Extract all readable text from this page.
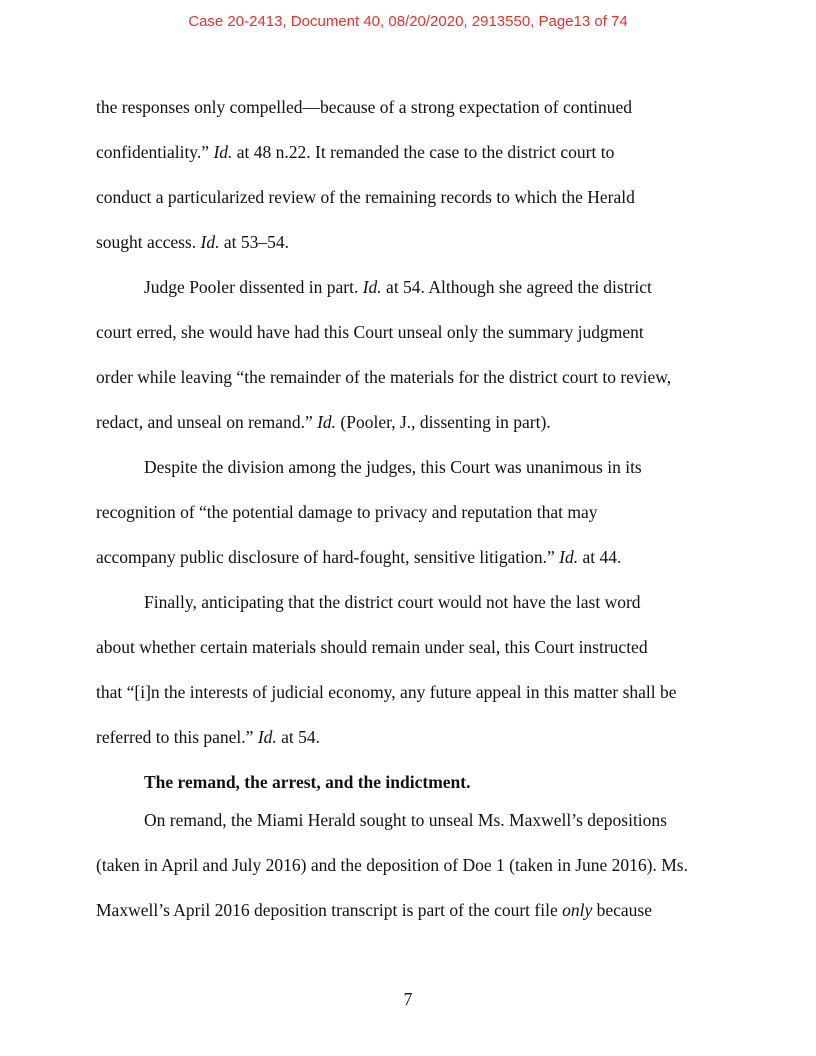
Case 20-2413, Document 40, 08/20/2020, 2913550, Page13 of 74
the responses only compelled—because of a strong expectation of continued
confidentiality.” Id. at 48 n.22. It remanded the case to the district court to
conduct a particularized review of the remaining records to which the Herald
sought access. Id. at 53–54.
Judge Pooler dissented in part. Id. at 54. Although she agreed the district
court erred, she would have had this Court unseal only the summary judgment
order while leaving “the remainder of the materials for the district court to review,
redact, and unseal on remand.” Id. (Pooler, J., dissenting in part).
Despite the division among the judges, this Court was unanimous in its
recognition of “the potential damage to privacy and reputation that may
accompany public disclosure of hard-fought, sensitive litigation.” Id. at 44.
Finally, anticipating that the district court would not have the last word
about whether certain materials should remain under seal, this Court instructed
that “[i]n the interests of judicial economy, any future appeal in this matter shall be
referred to this panel.” Id. at 54.
The remand, the arrest, and the indictment.
On remand, the Miami Herald sought to unseal Ms. Maxwell’s depositions
(taken in April and July 2016) and the deposition of Doe 1 (taken in June 2016). Ms.
Maxwell’s April 2016 deposition transcript is part of the court file only because
7
